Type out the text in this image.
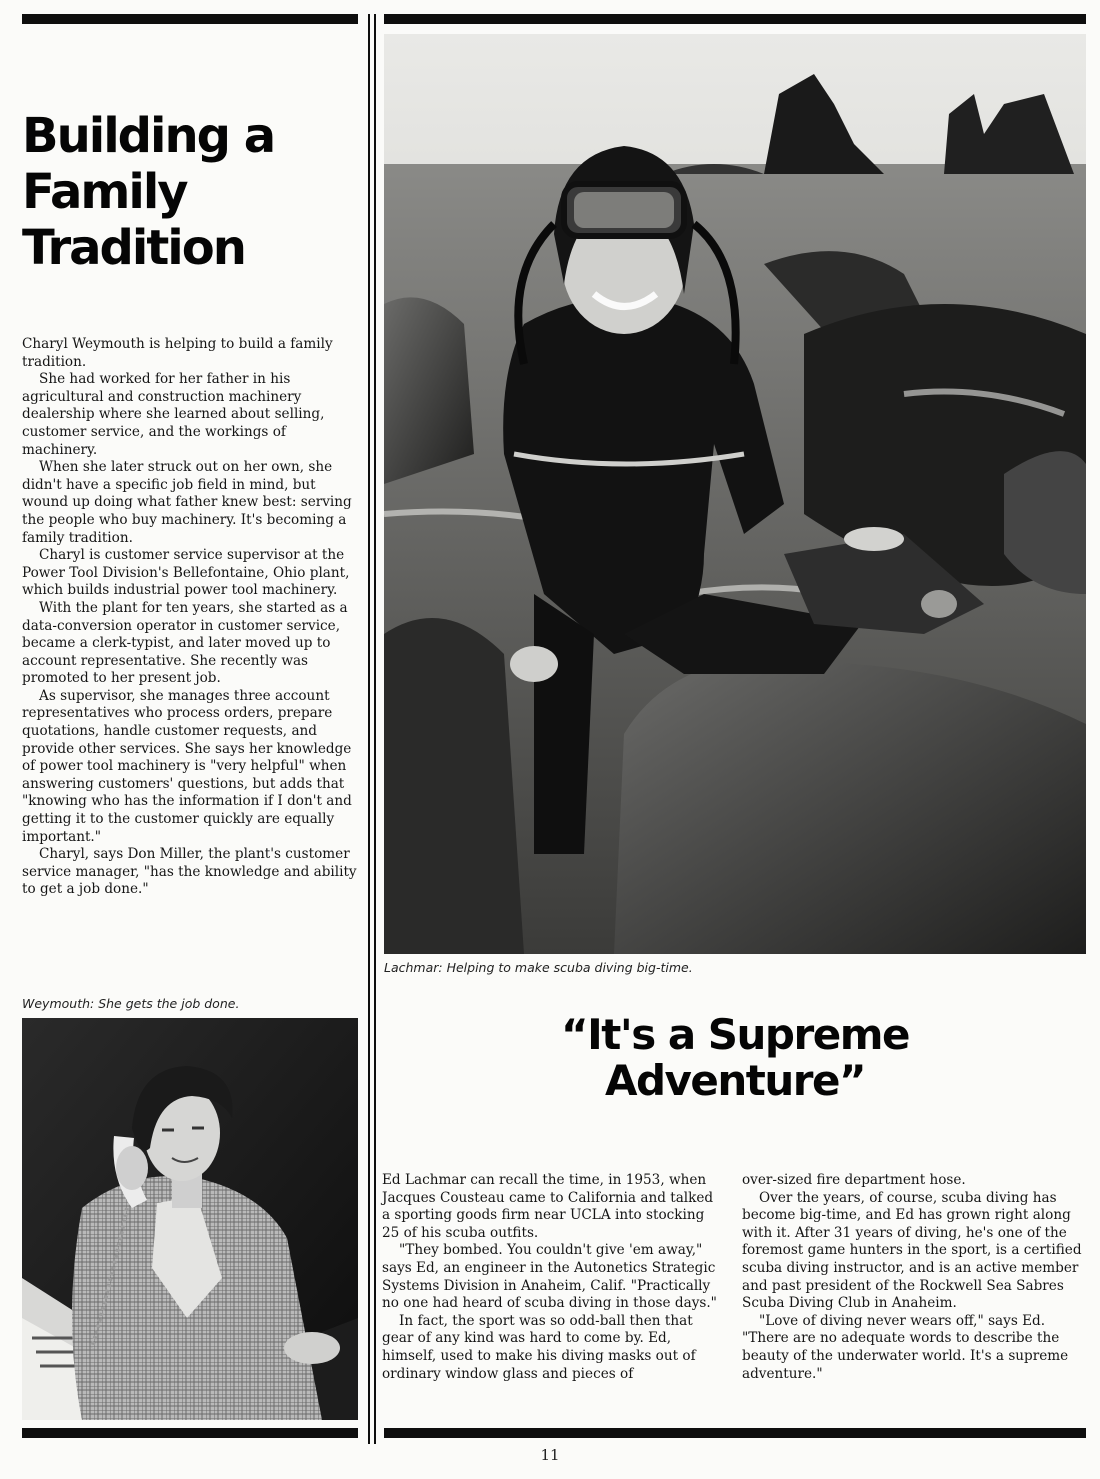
Building a Family Tradition

Charyl Weymouth is helping to build a family tradition.

She had worked for her father in his agricultural and construction machinery dealership where she learned about selling, customer service, and the workings of machinery.

When she later struck out on her own, she didn't have a specific job field in mind, but wound up doing what father knew best: serving the people who buy machinery. It's becoming a family tradition.

Charyl is customer service supervisor at the Power Tool Division's Bellefontaine, Ohio plant, which builds industrial power tool machinery.

With the plant for ten years, she started as a data-conversion operator in customer service, became a clerk-typist, and later moved up to account representative. She recently was promoted to her present job.

As supervisor, she manages three account representatives who process orders, prepare quotations, handle customer requests, and provide other services. She says her knowledge of power tool machinery is "very helpful" when answering customers' questions, but adds that "knowing who has the information if I don't and getting it to the customer quickly are equally important."

Charyl, says Don Miller, the plant's customer service manager, "has the knowledge and ability to get a job done."

Weymouth: She gets the job done.
Lachmar: Helping to make scuba diving big-time.
“It's a Supreme
Adventure”

Ed Lachmar can recall the time, in 1953, when Jacques Cousteau came to California and talked a sporting goods firm near UCLA into stocking 25 of his scuba outfits.

"They bombed. You couldn't give 'em away," says Ed, an engineer in the Autonetics Strategic Systems Division in Anaheim, Calif. "Practically no one had heard of scuba diving in those days."

In fact, the sport was so odd-ball then that gear of any kind was hard to come by. Ed, himself, used to make his diving masks out of ordinary window glass and pieces of

over-sized fire department hose.

Over the years, of course, scuba diving has become big-time, and Ed has grown right along with it. After 31 years of diving, he's one of the foremost game hunters in the sport, is a certified scuba diving instructor, and is an active member and past president of the Rockwell Sea Sabres Scuba Diving Club in Anaheim.

"Love of diving never wears off," says Ed. "There are no adequate words to describe the beauty of the underwater world. It's a supreme adventure."

11
